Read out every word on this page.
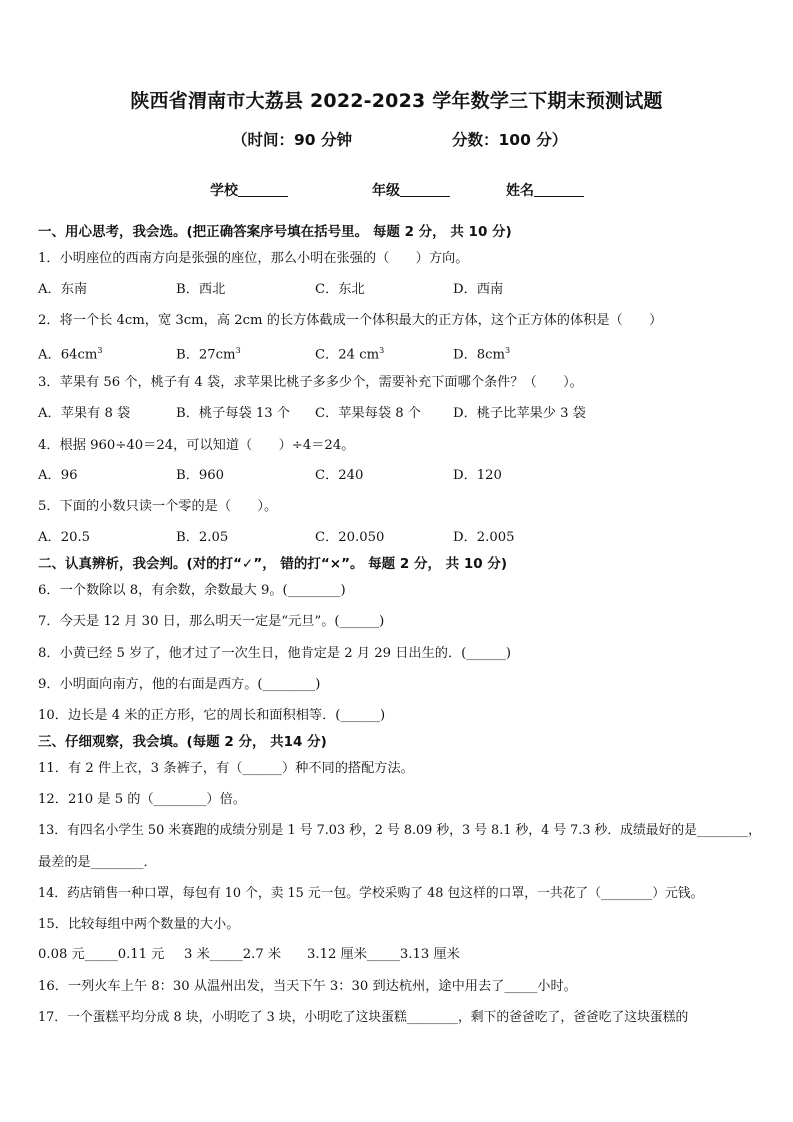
陕西省渭南市大荔县 2022-2023 学年数学三下期末预测试题
（时间：90 分钟	分数：100 分）
学校	年级	姓名
一、用心思考，我会选。(把正确答案序号填在括号里。 每题 2 分， 共 10 分)
1．小明座位的西南方向是张强的座位，那么小明在张强的（　　）方向。
A．东南	B．西北	C．东北	D．西南
2．将一个长 4cm，宽 3cm，高 2cm 的长方体截成一个体积最大的正方体，这个正方体的体积是（　　）
A．$64cm^3$	B．$27cm^3$	C．24 $cm^3$	D．$8cm^3$
3．苹果有 56 个，桃子有 4 袋，求苹果比桃子多多少个，需要补充下面哪个条件？（　　）。
A．苹果有 8 袋	B．桃子每袋 13 个 C．苹果每袋 8 个 D．桃子比苹果少 3 袋
4．根据 960÷40＝24，可以知道（　　）÷4＝24。
A．96	B．960	C．240	D．120
5．下面的小数只读一个零的是（　　）。
A．20.5	B．2.05	C．20.050	D．2.005
二、认真辨析，我会判。(对的打“✓”， 错的打“×”。 每题 2 分， 共 10 分)
6．一个数除以 8，有余数，余数最大 9。(________)
7．今天是 12 月 30 日，那么明天一定是“元旦”。(______)
8．小黄已经 5 岁了，他才过了一次生日，他肯定是 2 月 29 日出生的．(______)
9．小明面向南方，他的右面是西方。(________)
10．边长是 4 米的正方形，它的周长和面积相等．(______)
三、仔细观察，我会填。(每题 2 分， 共14 分)
11．有 2 件上衣，3 条裤子，有（______）种不同的搭配方法。
12．210 是 5 的（________）倍。
13．有四名小学生 50 米赛跑的成绩分别是 1 号 7.03 秒，2 号 8.09 秒，3 号 8.1 秒，4 号 7.3 秒．成绩最好的是________，
最差的是________．
14．药店销售一种口罩，每包有 10 个，卖 15 元一包。学校采购了 48 包这样的口罩，一共花了（________）元钱。
15．比较每组中两个数量的大小。
0.08 元_____0.11 元 3 米_____2.7 米 3.12 厘米_____3.13 厘米
16．一列火车上午 8：30 从温州出发，当天下午 3：30 到达杭州，途中用去了_____小时。
17．一个蛋糕平均分成 8 块，小明吃了 3 块，小明吃了这块蛋糕________，剩下的爸爸吃了，爸爸吃了这块蛋糕的
